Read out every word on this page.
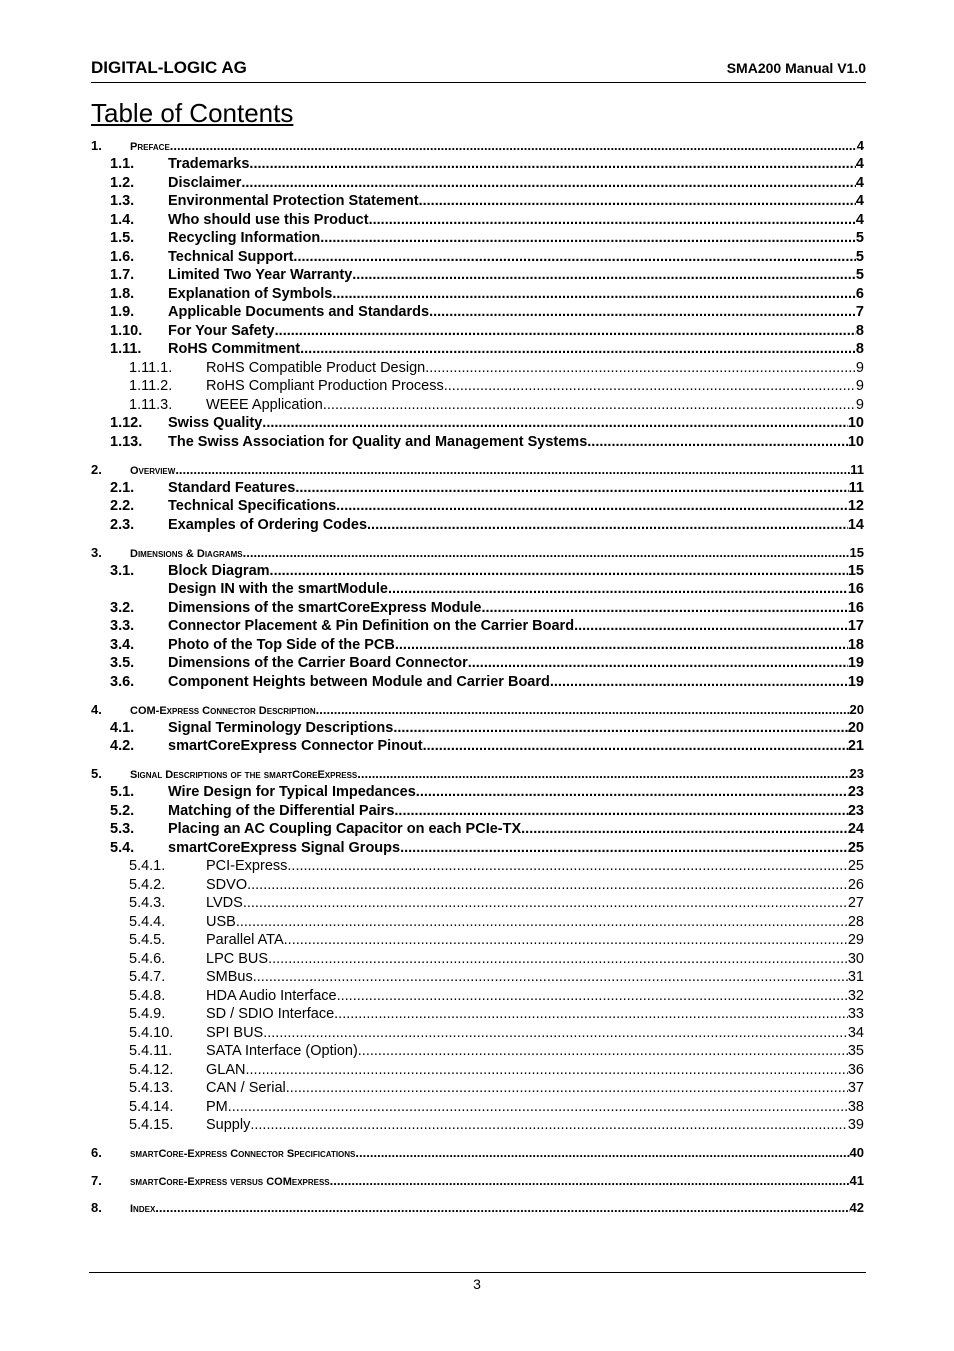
DIGITAL-LOGIC AG	SMA200 Manual V1.0
Table of Contents
1.	Preface .....	4
1.1.	Trademarks .....	4
1.2.	Disclaimer .....	4
1.3.	Environmental Protection Statement .....	4
1.4.	Who should use this Product .....	4
1.5.	Recycling Information .....	5
1.6.	Technical Support .....	5
1.7.	Limited Two Year Warranty .....	5
1.8.	Explanation of Symbols .....	6
1.9.	Applicable Documents and Standards .....	7
1.10.	For Your Safety .....	8
1.11.	RoHS Commitment .....	8
1.11.1.	RoHS Compatible Product Design .....	9
1.11.2.	RoHS Compliant Production Process .....	9
1.11.3.	WEEE Application .....	9
1.12.	Swiss Quality .....	10
1.13.	The Swiss Association for Quality and Management Systems .....	10
2.	Overview .....	11
2.1.	Standard Features .....	11
2.2.	Technical Specifications .....	12
2.3.	Examples of Ordering Codes .....	14
3.	Dimensions & Diagrams .....	15
3.1.	Block Diagram .....	15
Design IN with the smartModule .....	16
3.2.	Dimensions of the smartCoreExpress Module .....	16
3.3.	Connector Placement & Pin Definition on the Carrier Board .....	17
3.4.	Photo of the Top Side of the PCB .....	18
3.5.	Dimensions of the Carrier Board Connector .....	19
3.6.	Component Heights between Module and Carrier Board .....	19
4.	COM-Express Connector Description .....	20
4.1.	Signal Terminology Descriptions .....	20
4.2.	smartCoreExpress Connector Pinout .....	21
5.	Signal Descriptions of the smartCoreExpress .....	23
5.1.	Wire Design for Typical Impedances .....	23
5.2.	Matching of the Differential Pairs .....	23
5.3.	Placing an AC Coupling Capacitor on each PCIe-TX .....	24
5.4.	smartCoreExpress Signal Groups .....	25
5.4.1.	PCI-Express .....	25
5.4.2.	SDVO .....	26
5.4.3.	LVDS .....	27
5.4.4.	USB .....	28
5.4.5.	Parallel ATA .....	29
5.4.6.	LPC BUS .....	30
5.4.7.	SMBus .....	31
5.4.8.	HDA Audio Interface .....	32
5.4.9.	SD / SDIO Interface .....	33
5.4.10.	SPI BUS .....	34
5.4.11.	SATA Interface (Option) .....	35
5.4.12.	GLAN .....	36
5.4.13.	CAN / Serial .....	37
5.4.14.	PM .....	38
5.4.15.	Supply .....	39
6.	smartCore-Express Connector Specifications .....	40
7.	smartCore-Express versus COMexpress .....	41
8.	Index .....	42
3
